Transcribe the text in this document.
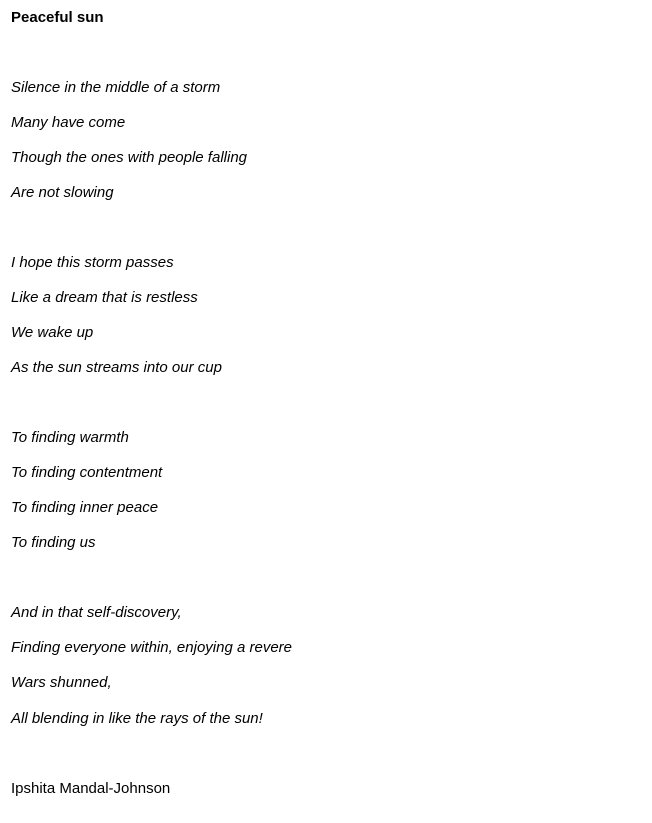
Peaceful sun
Silence in the middle of a storm
Many have come
Though the ones with people falling
Are not slowing
I hope this storm passes
Like a dream that is restless
We wake up
As the sun streams into our cup
To finding warmth
To finding contentment
To finding inner peace
To finding us
And in that self-discovery,
Finding everyone within, enjoying a revere
Wars shunned,
All blending in like the rays of the sun!
Ipshita Mandal-Johnson
